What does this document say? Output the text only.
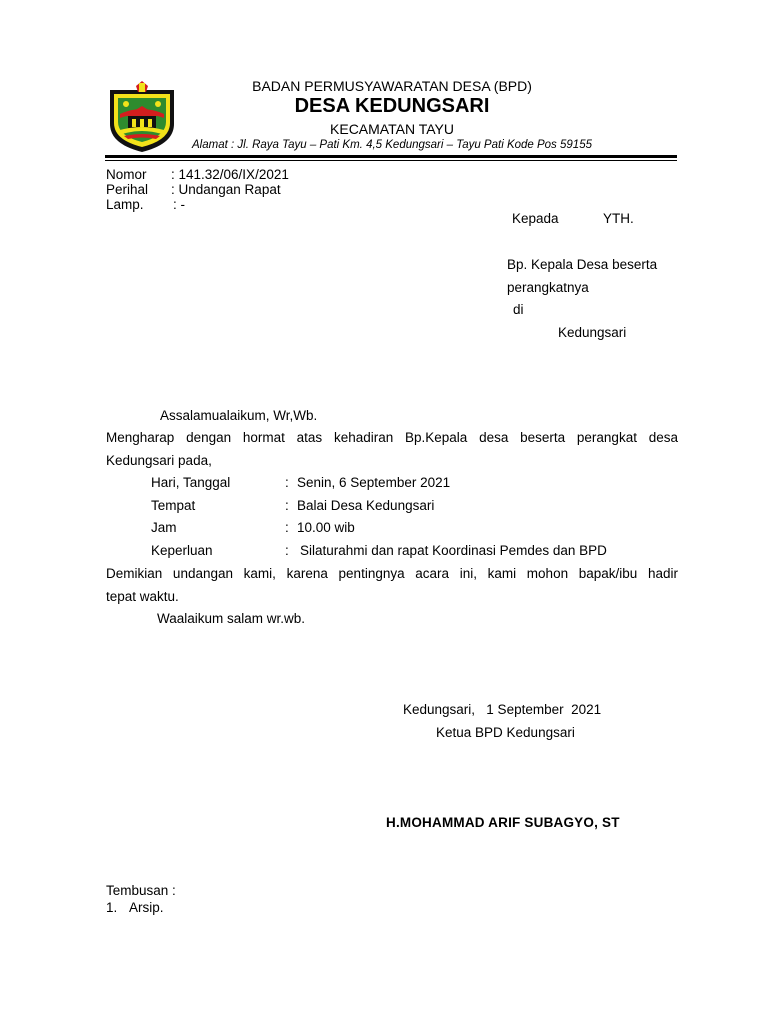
BADAN PERMUSYAWARATAN DESA (BPD)
DESA KEDUNGSARI
KECAMATAN TAYU
Alamat : Jl. Raya Tayu – Pati Km. 4,5 Kedungsari – Tayu Pati Kode Pos 59155
Nomor : 141.32/06/IX/2021
Perihal : Undangan Rapat
Lamp. : -
Kepada	YTH.
Bp. Kepala Desa beserta
perangkatnya
di
Kedungsari
Assalamualaikum, Wr,Wb.
Mengharap dengan hormat atas kehadiran Bp.Kepala desa beserta perangkat desa
Kedungsari pada,
Hari, Tanggal	: Senin, 6 September 2021
Tempat	: Balai Desa Kedungsari
Jam	: 10.00 wib
Keperluan	: Silaturahmi dan rapat Koordinasi Pemdes dan BPD
Demikian undangan kami, karena pentingnya acara ini, kami mohon bapak/ibu hadir
tepat waktu.
Waalaikum salam wr.wb.
Kedungsari,   1 September  2021
Ketua BPD Kedungsari
H.MOHAMMAD ARIF SUBAGYO, ST
Tembusan :
1. Arsip.
